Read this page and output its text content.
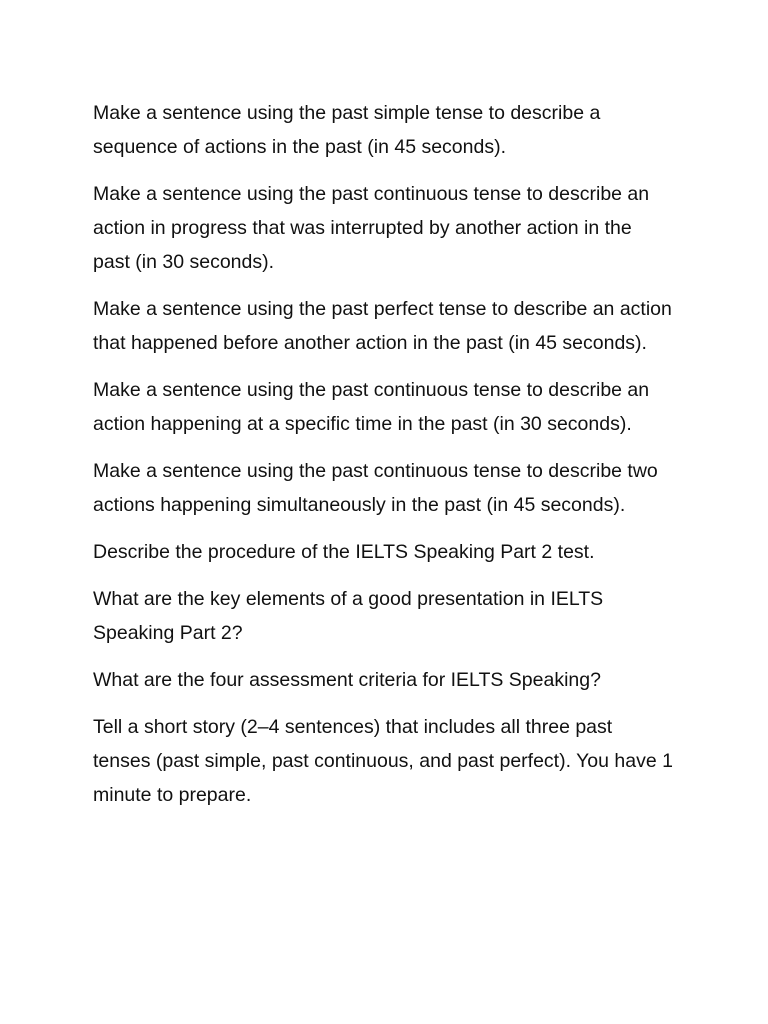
Make a sentence using the past simple tense to describe a sequence of actions in the past (in 45 seconds).

Make a sentence using the past continuous tense to describe an action in progress that was interrupted by another action in the past (in 30 seconds).

Make a sentence using the past perfect tense to describe an action that happened before another action in the past (in 45 seconds).

Make a sentence using the past continuous tense to describe an action happening at a specific time in the past (in 30 seconds).

Make a sentence using the past continuous tense to describe two actions happening simultaneously in the past (in 45 seconds).

Describe the procedure of the IELTS Speaking Part 2 test.

What are the key elements of a good presentation in IELTS Speaking Part 2?

What are the four assessment criteria for IELTS Speaking?

Tell a short story (2–4 sentences) that includes all three past tenses (past simple, past continuous, and past perfect). You have 1 minute to prepare.
